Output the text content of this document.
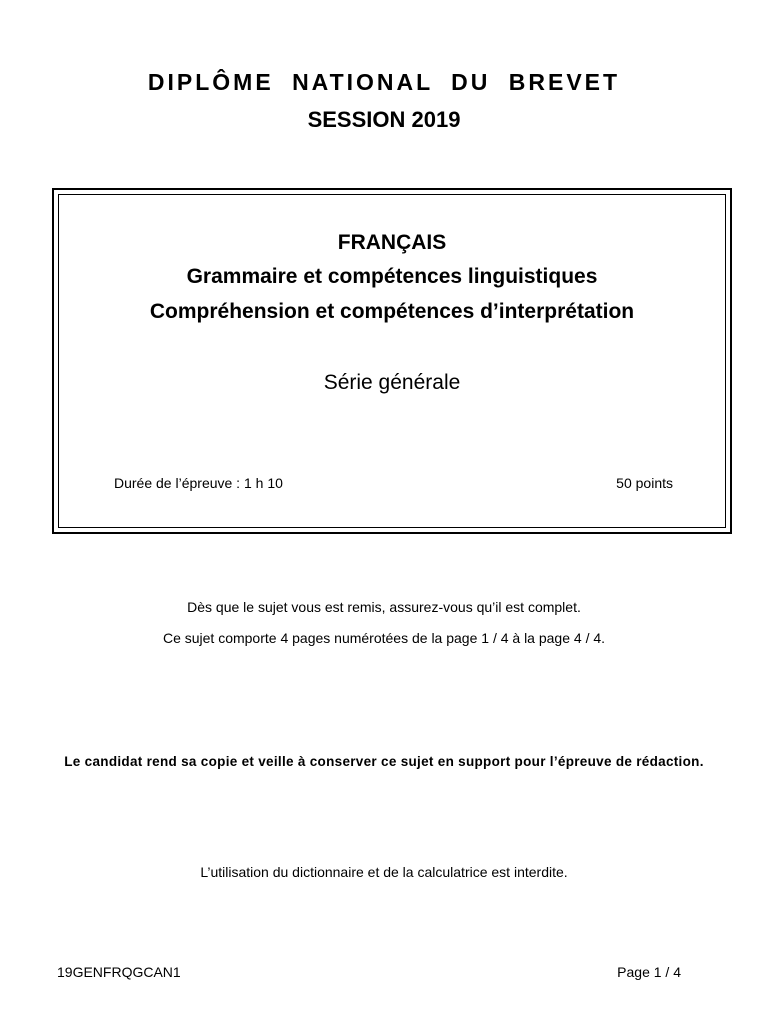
DIPLÔME NATIONAL DU BREVET
SESSION 2019
FRANÇAIS
Grammaire et compétences linguistiques
Compréhension et compétences d’interprétation
Série générale
Durée de l’épreuve : 1 h 10	50 points
Dès que le sujet vous est remis, assurez-vous qu’il est complet.
Ce sujet comporte 4 pages numérotées de la page 1 / 4 à la page 4 / 4.
Le candidat rend sa copie et veille à conserver ce sujet en support pour l’épreuve de rédaction.
L’utilisation du dictionnaire et de la calculatrice est interdite.
19GENFRQGCAN1	Page 1 / 4
